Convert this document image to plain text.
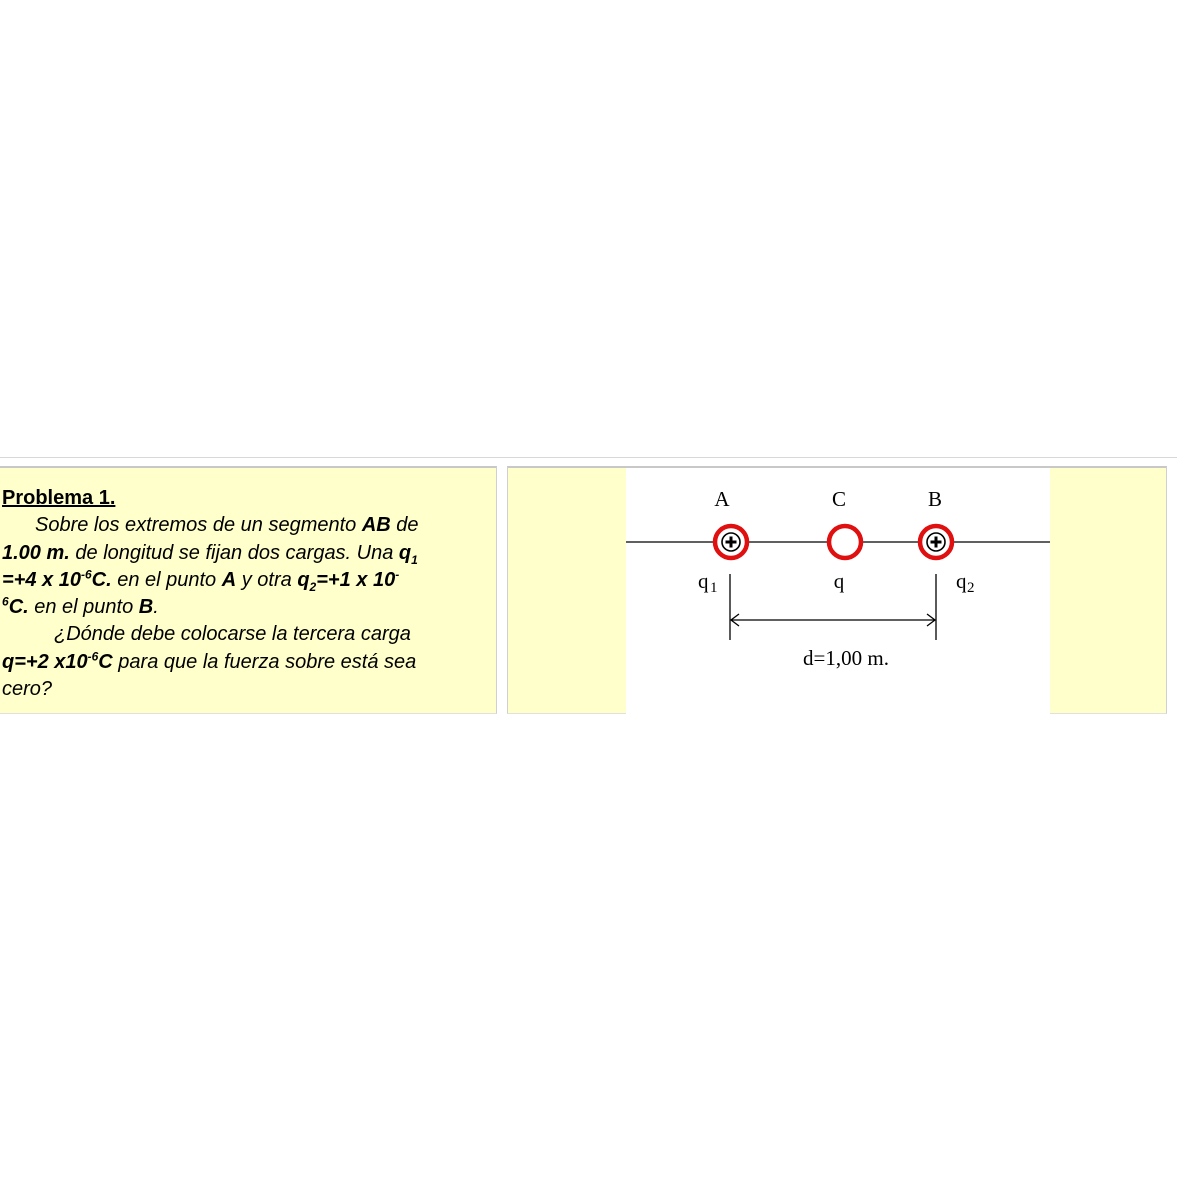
Problema 1.
Sobre los extremos de un segmento AB de
1.00 m. de longitud se fijan dos cargas. Una $q_1$
=+4 x $10^{-6}C$. en el punto A y otra $q_2=+1$ x 10-
$^6$C. en el punto B.
¿Dónde debe colocarse la tercera carga
q=+2 $x10^{-6}C$ para que la fuerza sobre está sea
cero?
A	C	B
q 1	q	q 2
d=1,00 m.
